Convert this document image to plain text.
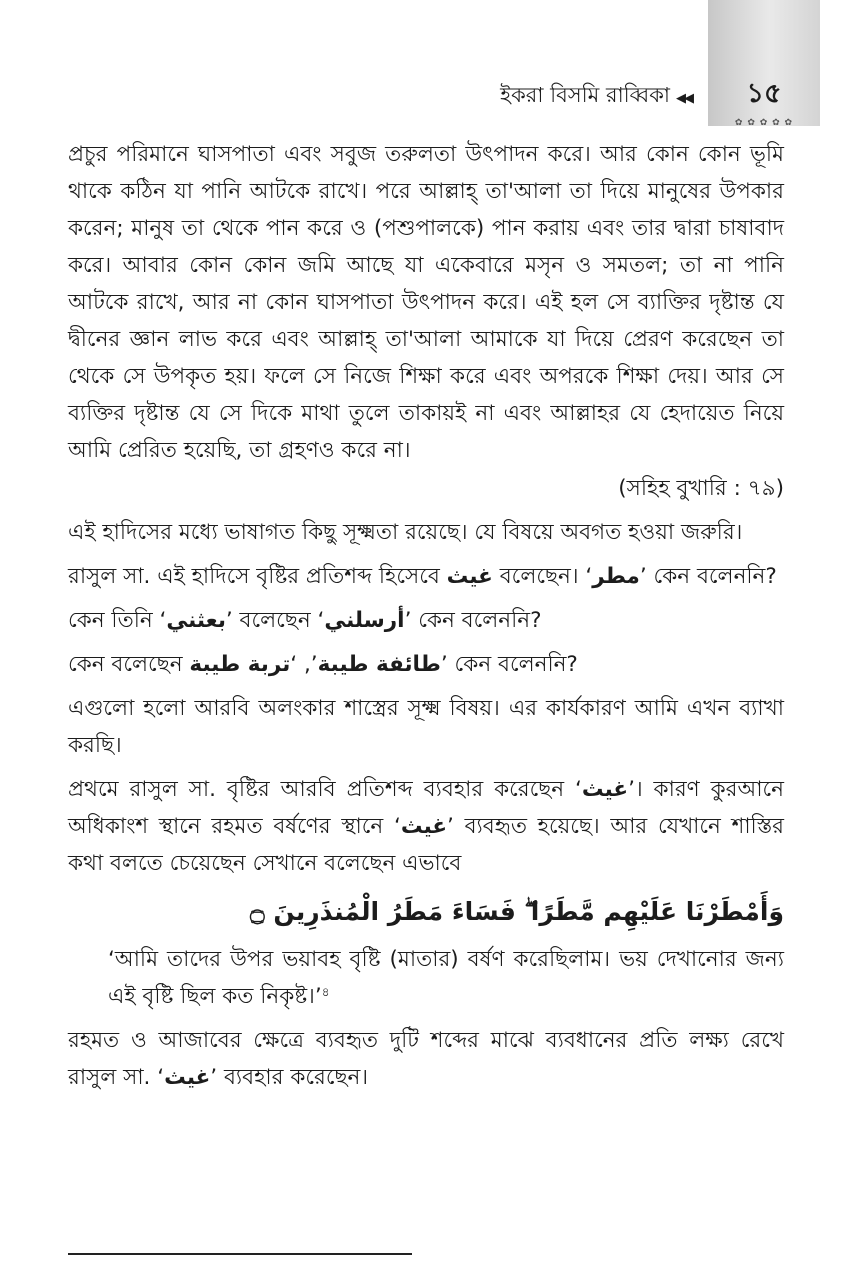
✿ ✿ ✿ ✿ ✿
ইকরা বিসমি রাব্বিকা ◀◀	১৫

প্রচুর পরিমানে ঘাসপাতা এবং সবুজ তরুলতা উৎপাদন করে। আর কোন কোন ভূমি থাকে কঠিন যা পানি আটকে রাখে। পরে আল্লাহ্ তা'আলা তা দিয়ে মানুষের উপকার করেন; মানুষ তা থেকে পান করে ও (পশুপালকে) পান করায় এবং তার দ্বারা চাষাবাদ করে। আবার কোন কোন জমি আছে যা একেবারে মসৃন ও সমতল; তা না পানি আটকে রাখে, আর না কোন ঘাসপাতা উৎপাদন করে। এই হল সে ব্যাক্তির দৃষ্টান্ত যে দ্বীনের জ্ঞান লাভ করে এবং আল্লাহ্ তা'আলা আমাকে যা দিয়ে প্রেরণ করেছেন তা থেকে সে উপকৃত হয়। ফলে সে নিজে শিক্ষা করে এবং অপরকে শিক্ষা দেয়। আর সে ব্যক্তির দৃষ্টান্ত যে সে দিকে মাথা তুলে তাকায়ই না এবং আল্লাহর যে হেদায়েত নিয়ে আমি প্রেরিত হয়েছি, তা গ্রহণও করে না।

(সহিহ বুখারি : ৭৯)

এই হাদিসের মধ্যে ভাষাগত কিছু সূক্ষ্মতা রয়েছে। যে বিষয়ে অবগত হওয়া জরুরি।

রাসুল সা. এই হাদিসে বৃষ্টির প্রতিশব্দ হিসেবে غيث বলেছেন। ‘مطر’ কেন বলেননি?

কেন তিনি ‘بعثني’ বলেছেন ‘أرسلني’ কেন বলেননি?

কেন বলেছেন	طائفة طيبة’, ‘تربة طيبة	’ কেন বলেননি?

এগুলো হলো আরবি অলংকার শাস্ত্রের সূক্ষ্ম বিষয়। এর কার্যকারণ আমি এখন ব্যাখা করছি।

প্রথমে রাসুল সা. বৃষ্টির আরবি প্রতিশব্দ ব্যবহার করেছেন ‘غيث’। কারণ কুরআনে অধিকাংশ স্থানে রহমত বর্ষণের স্থানে ‘غيث’ ব্যবহৃত হয়েছে। আর যেখানে শাস্তির কথা বলতে চেয়েছেন সেখানে বলেছেন এভাবে

وَأَمْطَرْنَا عَلَيْهِم مَّطَرًا ۖ فَسَاءَ مَطَرُ الْمُنذَرِينَ ۝

‘আমি তাদের উপর ভয়াবহ বৃষ্টি (মাতার) বর্ষণ করেছিলাম। ভয় দেখানোর জন্য এই বৃষ্টি ছিল কত নিকৃষ্ট।’$^৪$

রহমত ও আজাবের ক্ষেত্রে ব্যবহৃত দুটি শব্দের মাঝে ব্যবধানের প্রতি লক্ষ্য রেখে রাসুল সা. ‘غيث’ ব্যবহার করেছেন।
